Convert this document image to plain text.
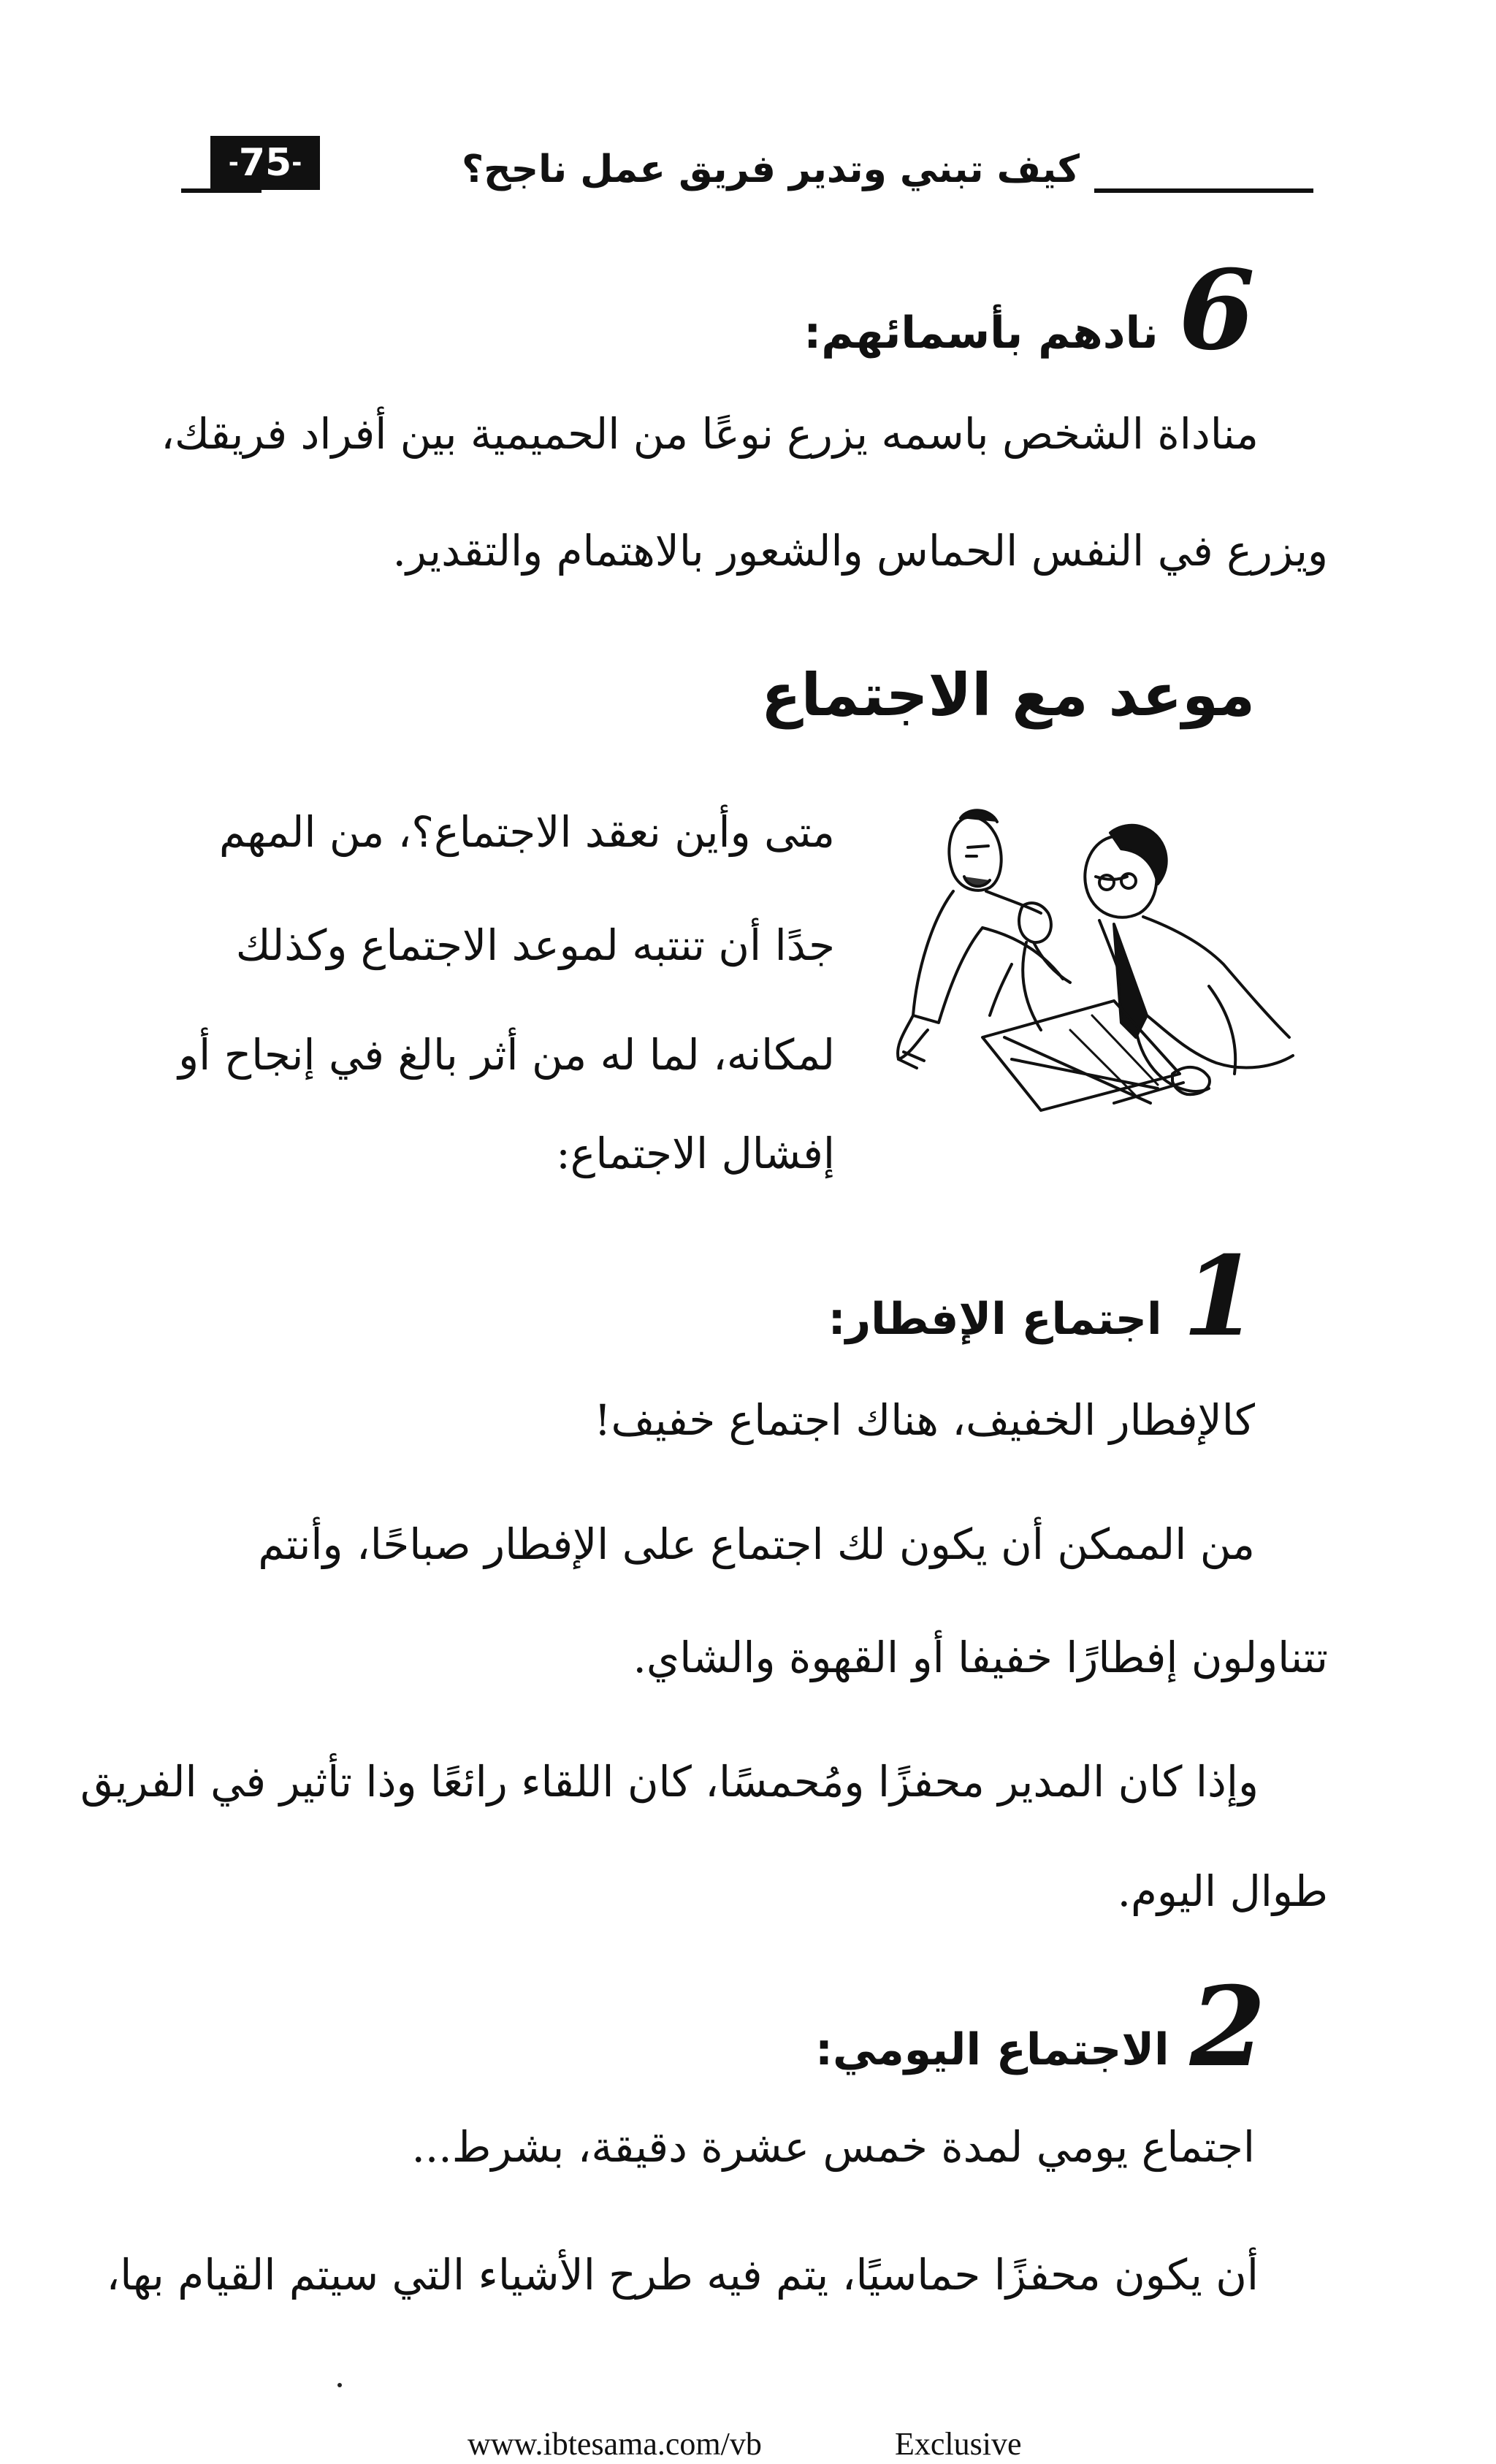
كيف تبني وتدير فريق عمل ناجح؟
-75-
6
نادهم بأسمائهم:
مناداة الشخص باسمه يزرع نوعًا من الحميمية بين أفراد فريقك،
ويزرع في النفس الحماس والشعور بالاهتمام والتقدير.
موعد مع الاجتماع
متى وأين نعقد الاجتماع؟، من المهم
جدًا أن تنتبه لموعد الاجتماع وكذلك
لمكانه، لما له من أثر بالغ في إنجاح أو
إفشال الاجتماع:
1
اجتماع الإفطار:
كالإفطار الخفيف، هناك اجتماع خفيف!
من الممكن أن يكون لك اجتماع على الإفطار صباحًا، وأنتم
تتناولون إفطارًا خفيفا أو القهوة والشاي.
وإذا كان المدير محفزًا ومُحمسًا، كان اللقاء رائعًا وذا تأثير في الفريق
طوال اليوم.
2
الاجتماع اليومي:
اجتماع يومي لمدة خمس عشرة دقيقة، بشرط...
أن يكون محفزًا حماسيًا، يتم فيه طرح الأشياء التي سيتم القيام بها،
www.ibtesama.com/vb	Exclusive
